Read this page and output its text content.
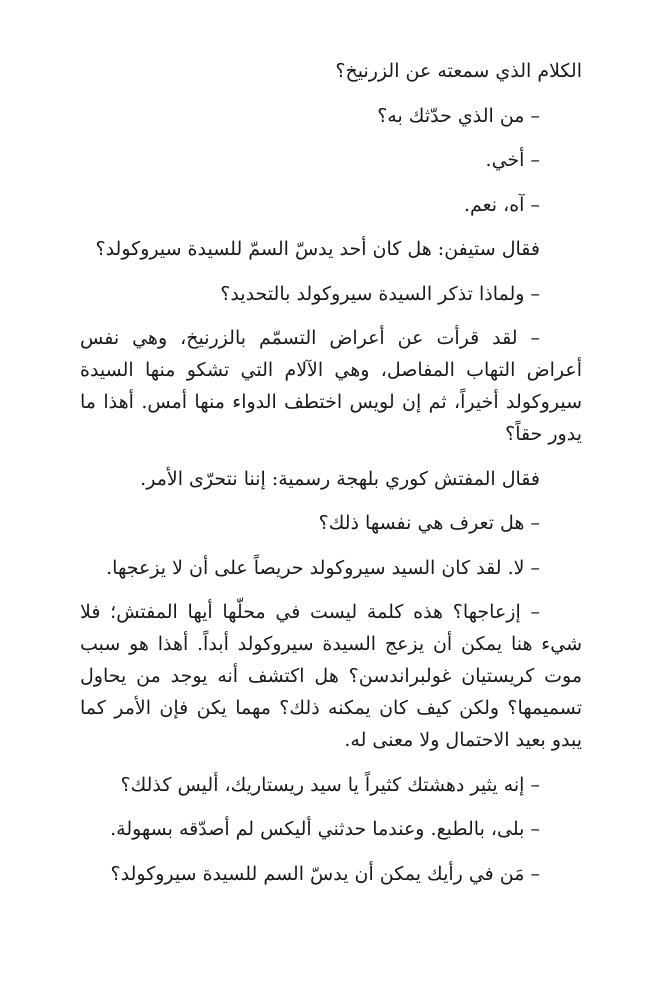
الكلام الذي سمعته عن الزرنيخ؟

– من الذي حدّثك به؟

– أخي.

– آه، نعم.

فقال ستيفن: هل كان أحد يدسّ السمّ للسيدة سيروكولد؟

– ولماذا تذكر السيدة سيروكولد بالتحديد؟

– لقد قرأت عن أعراض التسمّم بالزرنيخ، وهي نفس أعراض التهاب المفاصل، وهي الآلام التي تشكو منها السيدة سيروكولد أخيراً، ثم إن لويس اختطف الدواء منها أمس. أهذا ما يدور حقاً؟

فقال المفتش كوري بلهجة رسمية: إننا نتحرّى الأمر.

– هل تعرف هي نفسها ذلك؟

– لا. لقد كان السيد سيروكولد حريصاً على أن لا يزعجها.

– إزعاجها؟ هذه كلمة ليست في محلّها أيها المفتش؛ فلا شيء هنا يمكن أن يزعج السيدة سيروكولد أبداً. أهذا هو سبب موت كريستيان غولبراندسن؟ هل اكتشف أنه يوجد من يحاول تسميمها؟ ولكن كيف كان يمكنه ذلك؟ مهما يكن فإن الأمر كما يبدو بعيد الاحتمال ولا معنى له.

– إنه يثير دهشتك كثيراً يا سيد ريستاريك، أليس كذلك؟

– بلى، بالطبع. وعندما حدثني أليكس لم أصدّقه بسهولة.

– مَن في رأيك يمكن أن يدسّ السم للسيدة سيروكولد؟
